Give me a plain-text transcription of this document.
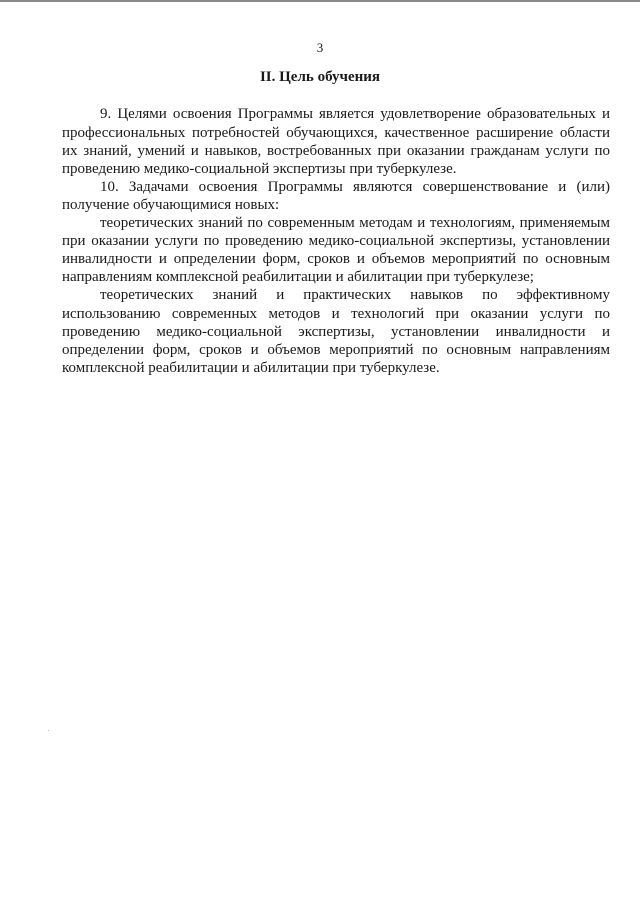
3
II. Цель обучения
9. Целями освоения Программы является удовлетворение образовательных и
профессиональных потребностей обучающихся, качественное расширение области
их знаний, умений и навыков, востребованных при оказании гражданам услуги по
проведению медико-социальной экспертизы при туберкулезе.
10. Задачами освоения Программы являются совершенствование и (или)
получение обучающимися новых:
теоретических знаний по современным методам и технологиям, применяемым
при оказании услуги по проведению медико-социальной экспертизы, установлении
инвалидности и определении форм, сроков и объемов мероприятий по основным
направлениям комплексной реабилитации и абилитации при туберкулезе;
теоретических знаний и практических навыков по эффективному
использованию современных методов и технологий при оказании услуги по
проведению медико-социальной экспертизы, установлении инвалидности и
определении форм, сроков и объемов мероприятий по основным направлениям
комплексной реабилитации и абилитации при туберкулезе.
